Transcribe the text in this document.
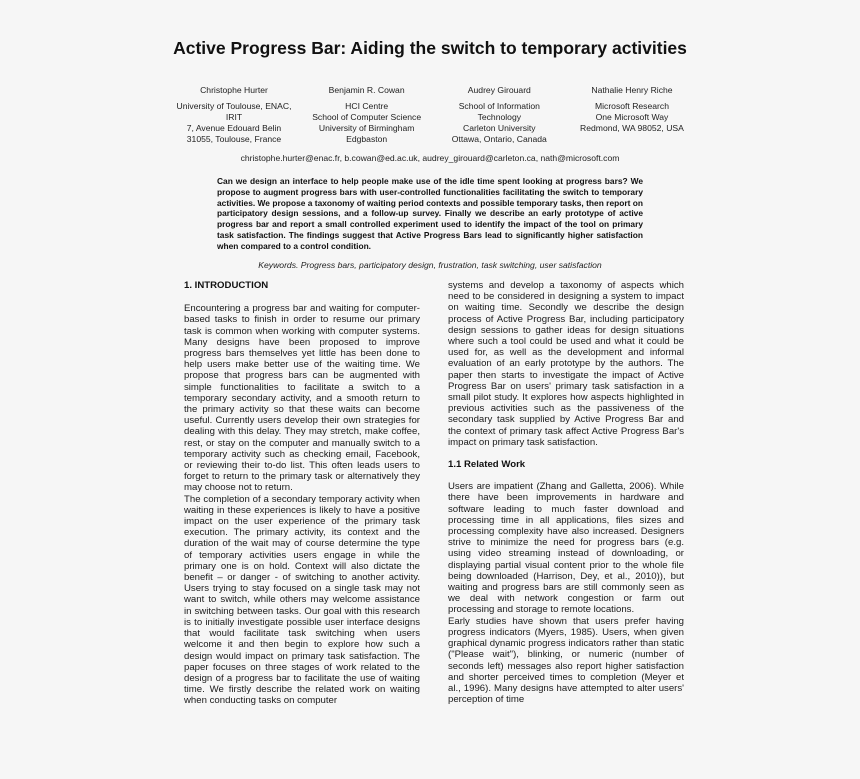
Active Progress Bar: Aiding the switch to temporary activities
Christophe Hurter
University of Toulouse, ENAC,
IRIT
7, Avenue Edouard Belin
31055, Toulouse, France
Benjamin R. Cowan
HCI Centre
School of Computer Science
University of Birmingham
Edgbaston
Audrey Girouard
School of Information
Technology
Carleton University
Ottawa, Ontario, Canada
Nathalie Henry Riche
Microsoft Research
One Microsoft Way
Redmond, WA 98052, USA
christophe.hurter@enac.fr, b.cowan@ed.ac.uk, audrey_girouard@carleton.ca, nath@microsoft.com
Can we design an interface to help people make use of the idle time spent looking at progress bars? We propose to augment progress bars with user-controlled functionalities facilitating the switch to temporary activities. We propose a taxonomy of waiting period contexts and possible temporary tasks, then report on participatory design sessions, and a follow-up survey. Finally we describe an early prototype of active progress bar and report a small controlled experiment used to identify the impact of the tool on primary task satisfaction. The findings suggest that Active Progress Bars lead to significantly higher satisfaction when compared to a control condition.
Keywords. Progress bars, participatory design, frustration, task switching, user satisfaction
1. INTRODUCTION

Encountering a progress bar and waiting for computer-based tasks to finish in order to resume our primary task is common when working with computer systems. Many designs have been proposed to improve progress bars themselves yet little has been done to help users make better use of the waiting time. We propose that progress bars can be augmented with simple functionalities to facilitate a switch to a temporary secondary activity, and a smooth return to the primary activity so that these waits can become useful. Currently users develop their own strategies for dealing with this delay. They may stretch, make coffee, rest, or stay on the computer and manually switch to a temporary activity such as checking email, Facebook, or reviewing their to-do list. This often leads users to forget to return to the primary task or alternatively they may choose not to return.

The completion of a secondary temporary activity when waiting in these experiences is likely to have a positive impact on the user experience of the primary task execution. The primary activity, its context and the duration of the wait may of course determine the type of temporary activities users engage in while the primary one is on hold. Context will also dictate the benefit – or danger - of switching to another activity. Users trying to stay focused on a single task may not want to switch, while others may welcome assistance in switching between tasks. Our goal with this research is to initially investigate possible user interface designs that would facilitate task switching when users welcome it and then begin to explore how such a design would impact on primary task satisfaction. The paper focuses on three stages of work related to the design of a progress bar to facilitate the use of waiting time. We firstly describe the related work on waiting when conducting tasks on computer

systems and develop a taxonomy of aspects which need to be considered in designing a system to impact on waiting time. Secondly we describe the design process of Active Progress Bar, including participatory design sessions to gather ideas for design situations where such a tool could be used and what it could be used for, as well as the development and informal evaluation of an early prototype by the authors. The paper then starts to investigate the impact of Active Progress Bar on users' primary task satisfaction in a small pilot study. It explores how aspects highlighted in previous activities such as the passiveness of the secondary task supplied by Active Progress Bar and the context of primary task affect Active Progress Bar's impact on primary task satisfaction.

1.1 Related Work

Users are impatient (Zhang and Galletta, 2006). While there have been improvements in hardware and software leading to much faster download and processing time in all applications, files sizes and processing complexity have also increased. Designers strive to minimize the need for progress bars (e.g. using video streaming instead of downloading, or displaying partial visual content prior to the whole file being downloaded (Harrison, Dey, et al., 2010)), but waiting and progress bars are still commonly seen as we deal with network congestion or farm out processing and storage to remote locations.

Early studies have shown that users prefer having progress indicators (Myers, 1985). Users, when given graphical dynamic progress indicators rather than static ("Please wait"), blinking, or numeric (number of seconds left) messages also report higher satisfaction and shorter perceived times to completion (Meyer et al., 1996). Many designs have attempted to alter users' perception of time
